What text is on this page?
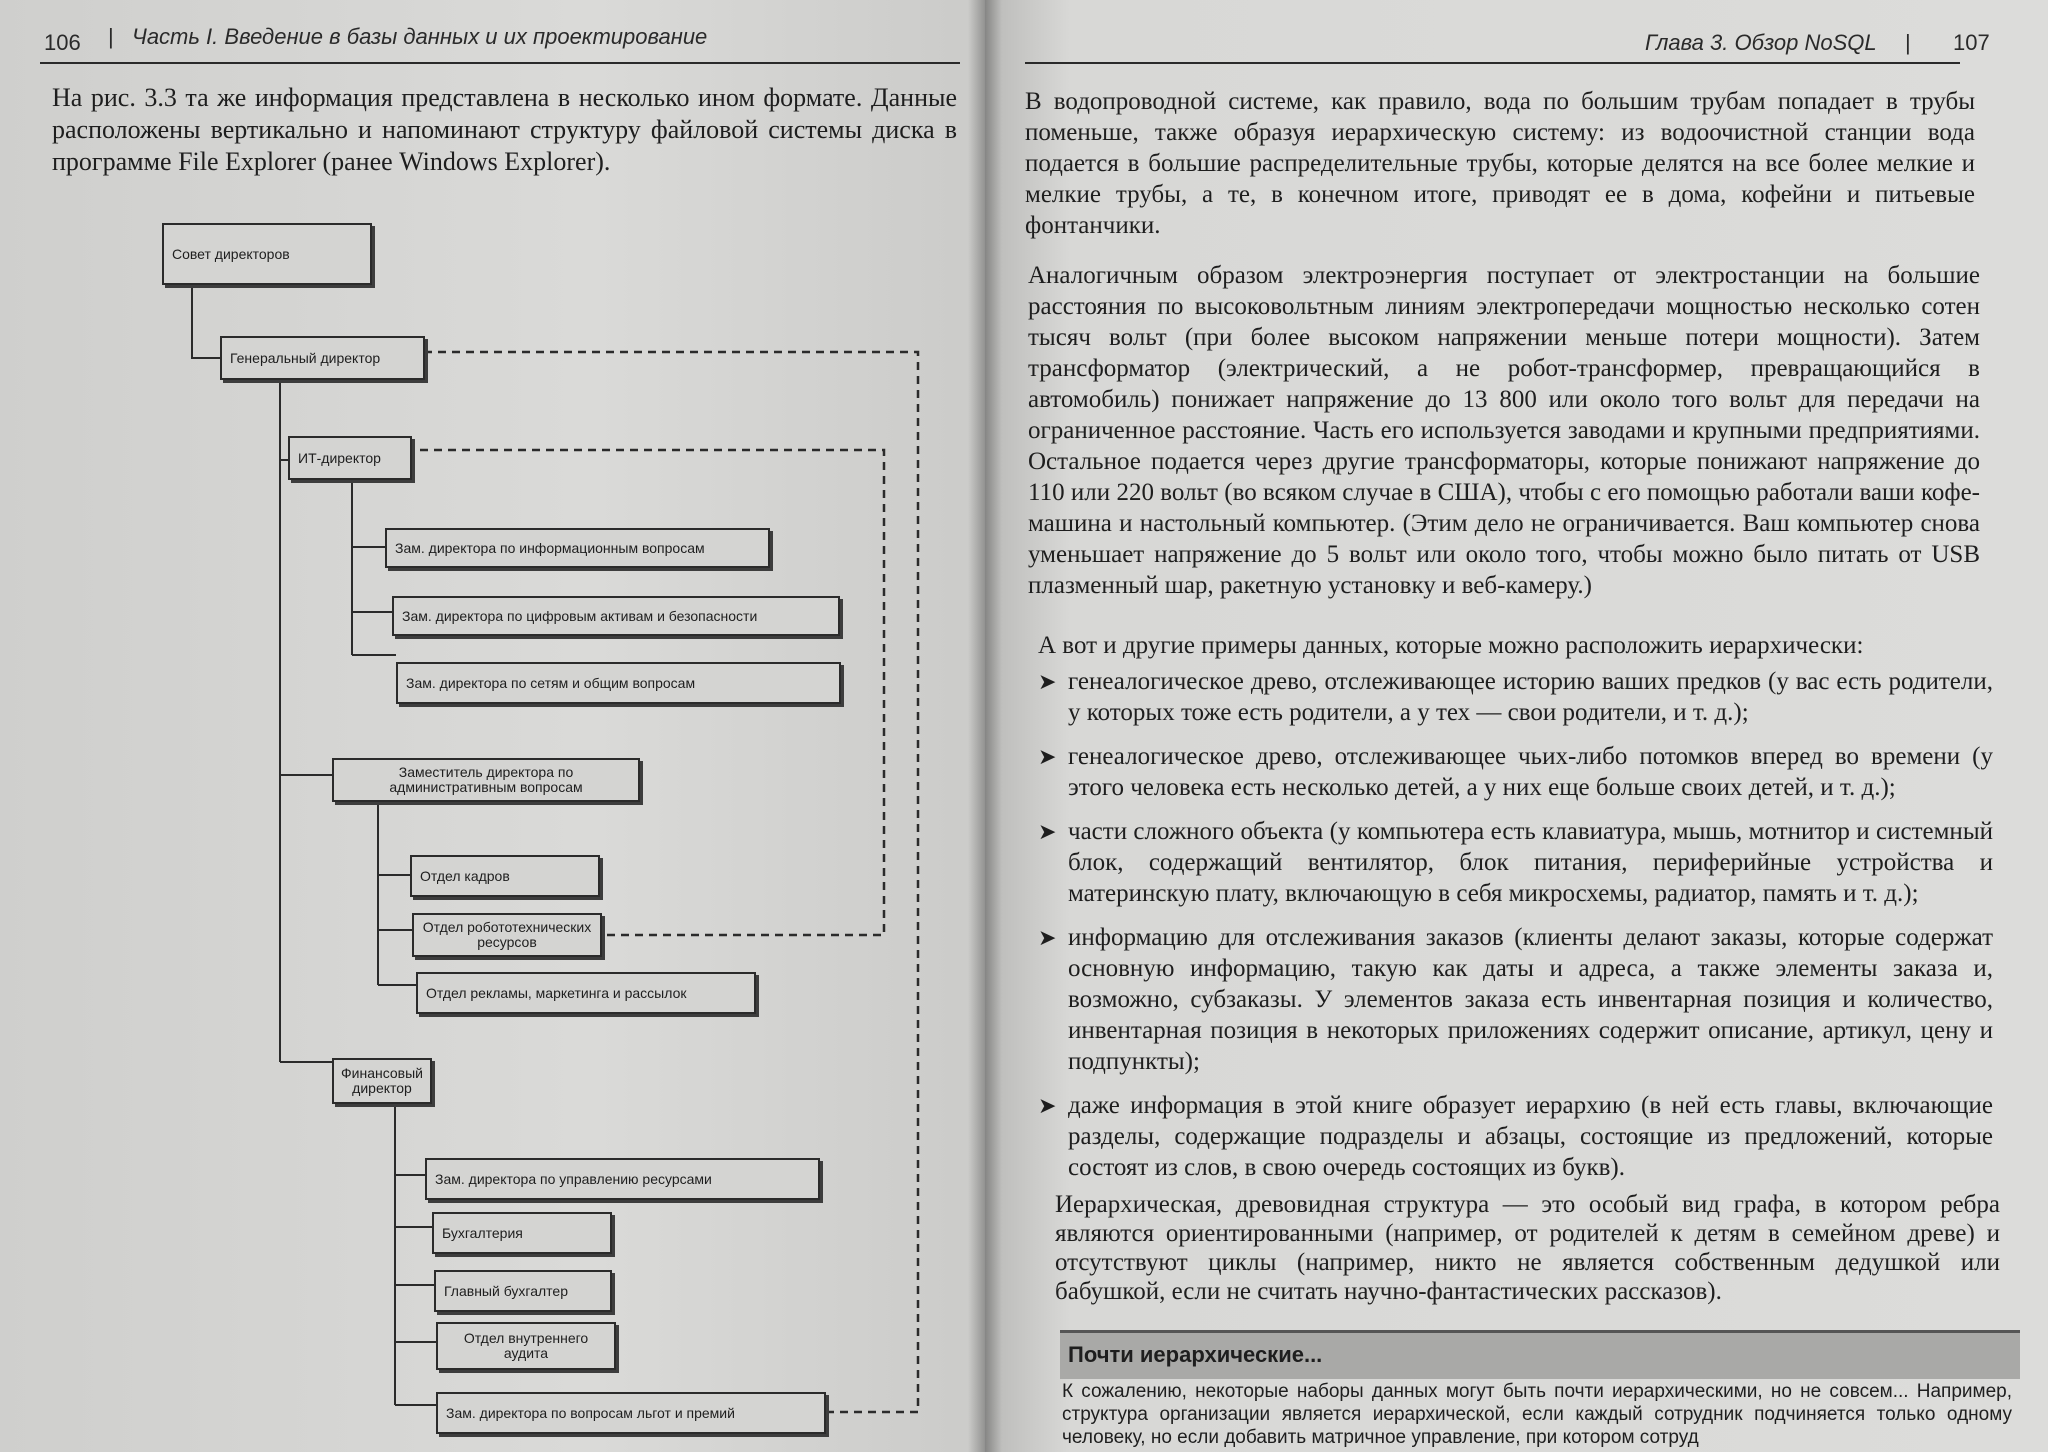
106 | Часть I. Введение в базы данных и их проектирование

На рис. 3.3 та же информация представлена в несколько ином формате. Данные расположены вертикально и напоминают структуру файловой системы диска в программе File Explorer (ранее Windows Explorer).

Совет директоров
Генеральный директор
ИТ-директор
Зам. директора по информационным вопросам
Зам. директора по цифровым активам и безопасности
Зам. директора по сетям и общим вопросам
Заместитель директора по административным вопросам
Отдел кадров
Отдел робототехнических ресурсов
Отдел рекламы, маркетинга и рассылок
Финансовый директор
Зам. директора по управлению ресурсами
Бухгалтерия
Главный бухгалтер
Отдел внутреннего аудита
Зам. директора по вопросам льгот и премий
Глава 3. Обзор NoSQL | 107

В водопроводной системе, как правило, вода по большим трубам попадает в трубы поменьше, также образуя иерархическую систему: из водоочистной станции вода подается в большие распределительные трубы, которые делятся на все более мелкие и мелкие трубы, а те, в конечном итоге, приводят ее в дома, кофейни и питьевые фонтанчики.

Аналогичным образом электроэнергия поступает от электростанции на большие расстояния по высоковольтным линиям электропередачи мощностью несколько сотен тысяч вольт (при более высоком напряжении меньше потери мощности). Затем трансформатор (электрический, а не робот-трансформер, превращающийся в автомобиль) понижает напряжение до 13 800 или около того вольт для передачи на ограниченное расстояние. Часть его используется заводами и крупными предприятиями. Остальное подается через другие трансформаторы, которые понижают напряжение до 110 или 220 вольт (во всяком случае в США), чтобы с его помощью работали ваши кофе-машина и настольный компьютер. (Этим дело не ограничивается. Ваш компьютер снова уменьшает напряжение до 5 вольт или около того, чтобы можно было питать от USB плазменный шар, ракетную установку и веб-камеру.)

А вот и другие примеры данных, которые можно расположить иерархически:

➤ генеалогическое древо, отслеживающее историю ваших предков (у вас есть родители, у которых тоже есть родители, а у тех — свои родители, и т. д.);
➤ генеалогическое древо, отслеживающее чьих-либо потомков вперед во времени (у этого человека есть несколько детей, а у них еще больше своих детей, и т. д.);
➤ части сложного объекта (у компьютера есть клавиатура, мышь, мотнитор и системный блок, содержащий вентилятор, блок питания, периферийные устройства и материнскую плату, включающую в себя микросхемы, радиатор, память и т. д.);
➤ информацию для отслеживания заказов (клиенты делают заказы, которые содержат основную информацию, такую как даты и адреса, а также элементы заказа и, возможно, субзаказы. У элементов заказа есть инвентарная позиция и количество, инвентарная позиция в некоторых приложениях содержит описание, артикул, цену и подпункты);
➤ даже информация в этой книге образует иерархию (в ней есть главы, включающие разделы, содержащие подразделы и абзацы, состоящие из предложений, которые состоят из слов, в свою очередь состоящих из букв).

Иерархическая, древовидная структура — это особый вид графа, в котором ребра являются ориентированными (например, от родителей к детям в семейном древе) и отсутствуют циклы (например, никто не является собственным дедушкой или бабушкой, если не считать научно-фантастических рассказов).

Почти иерархические...

К сожалению, некоторые наборы данных могут быть почти иерархическими, но не совсем... Например, структура организации является иерархической, если каждый сотрудник подчиняется только одному человеку, но если добавить матричное управление, при котором сотруд
